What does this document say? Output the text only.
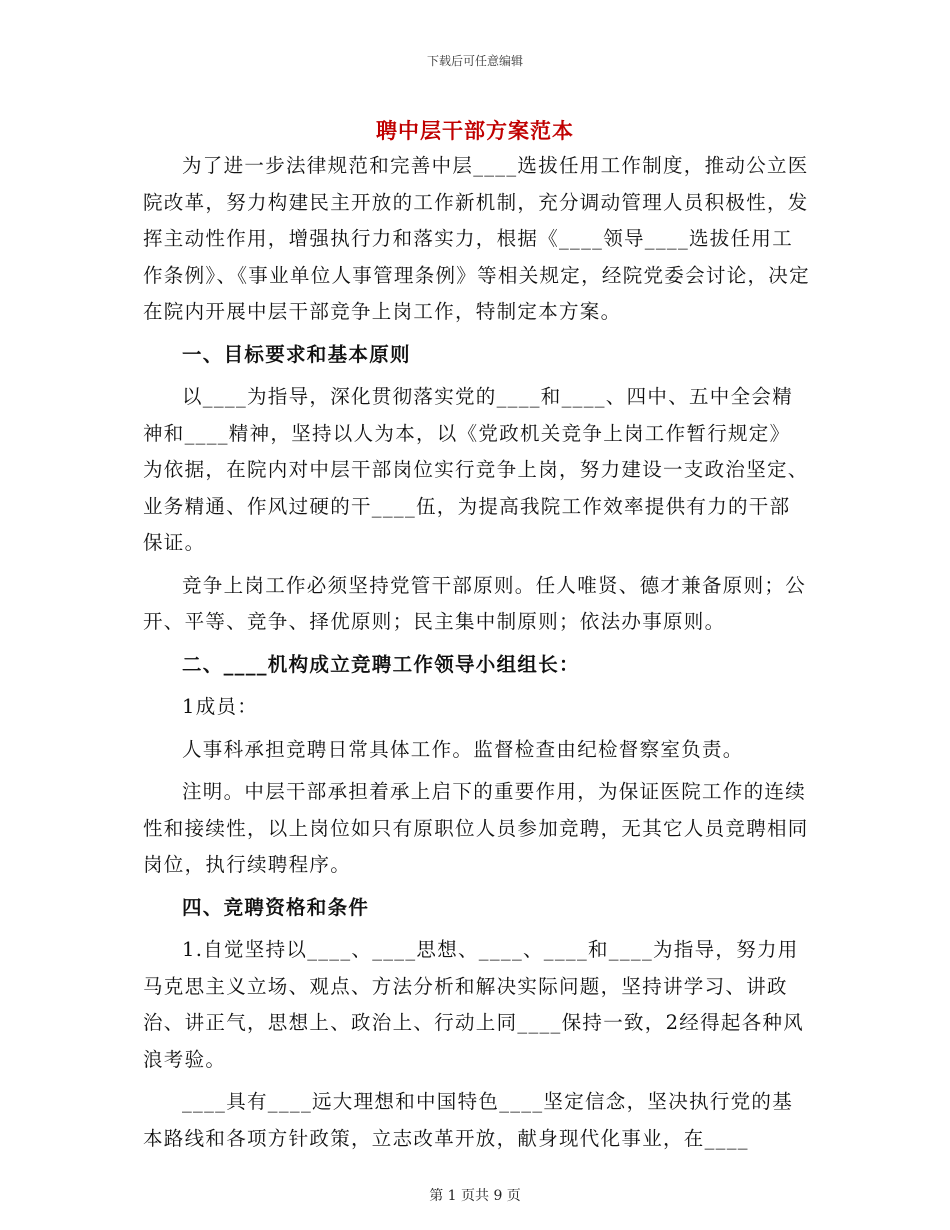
下载后可任意编辑
聘中层干部方案范本

为了进一步法律规范和完善中层____选拔任用工作制度，推动公立医院改革，努力构建民主开放的工作新机制，充分调动管理人员积极性，发挥主动性作用，增强执行力和落实力，根据《____领导____选拔任用工作条例》、《事业单位人事管理条例》等相关规定，经院党委会讨论，决定在院内开展中层干部竞争上岗工作，特制定本方案。

一、目标要求和基本原则

以____为指导，深化贯彻落实党的____和____、四中、五中全会精神和____精神，坚持以人为本，以《党政机关竞争上岗工作暂行规定》为依据，在院内对中层干部岗位实行竞争上岗，努力建设一支政治坚定、业务精通、作风过硬的干____伍，为提高我院工作效率提供有力的干部保证。

竞争上岗工作必须坚持党管干部原则。任人唯贤、德才兼备原则；公开、平等、竞争、择优原则；民主集中制原则；依法办事原则。

二、____机构成立竞聘工作领导小组组长：

1成员：

人事科承担竞聘日常具体工作。监督检查由纪检督察室负责。

注明。中层干部承担着承上启下的重要作用，为保证医院工作的连续性和接续性，以上岗位如只有原职位人员参加竞聘，无其它人员竞聘相同岗位，执行续聘程序。

四、竞聘资格和条件

1.自觉坚持以____、____思想、____、____和____为指导，努力用马克思主义立场、观点、方法分析和解决实际问题，坚持讲学习、讲政治、讲正气，思想上、政治上、行动上同____保持一致，2经得起各种风浪考验。

____具有____远大理想和中国特色____坚定信念，坚决执行党的基本路线和各项方针政策，立志改革开放，献身现代化事业，在____

第 1 页共 9 页
